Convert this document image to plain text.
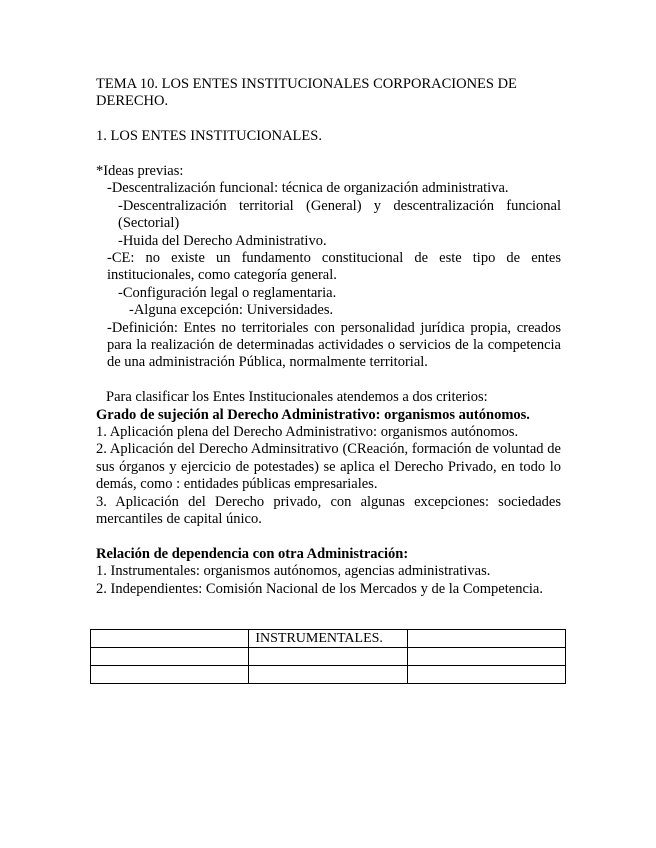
TEMA 10. LOS ENTES INSTITUCIONALES CORPORACIONES DE

DERECHO.

1. LOS ENTES INSTITUCIONALES.

*Ideas previas:

-Descentralización funcional: técnica de organización administrativa.

-Descentralización territorial (General) y descentralización funcional (Sectorial)

-Huida del Derecho Administrativo.

-CE: no existe un fundamento constitucional de este tipo de entes institucionales, como categoría general.

-Configuración legal o reglamentaria.

-Alguna excepción: Universidades.

-Definición: Entes no territoriales con personalidad jurídica propia, creados para la realización de determinadas actividades o servicios de la competencia de una administración Pública, normalmente territorial.

Para clasificar los Entes Institucionales atendemos a dos criterios:

Grado de sujeción al Derecho Administrativo: organismos autónomos.

1. Aplicación plena del Derecho Administrativo: organismos autónomos.

2. Aplicación del Derecho Adminsitrativo (CReación, formación de voluntad de sus órganos y ejercicio de potestades) se aplica el Derecho Privado, en todo lo demás, como : entidades públicas empresariales.

3. Aplicación del Derecho privado, con algunas excepciones: sociedades mercantiles de capital único.

Relación de dependencia con otra Administración:

1. Instrumentales: organismos autónomos, agencias administrativas.

2. Independientes: Comisión Nacional de los Mercados y de la Competencia.

	INSTRUMENTALES.	
